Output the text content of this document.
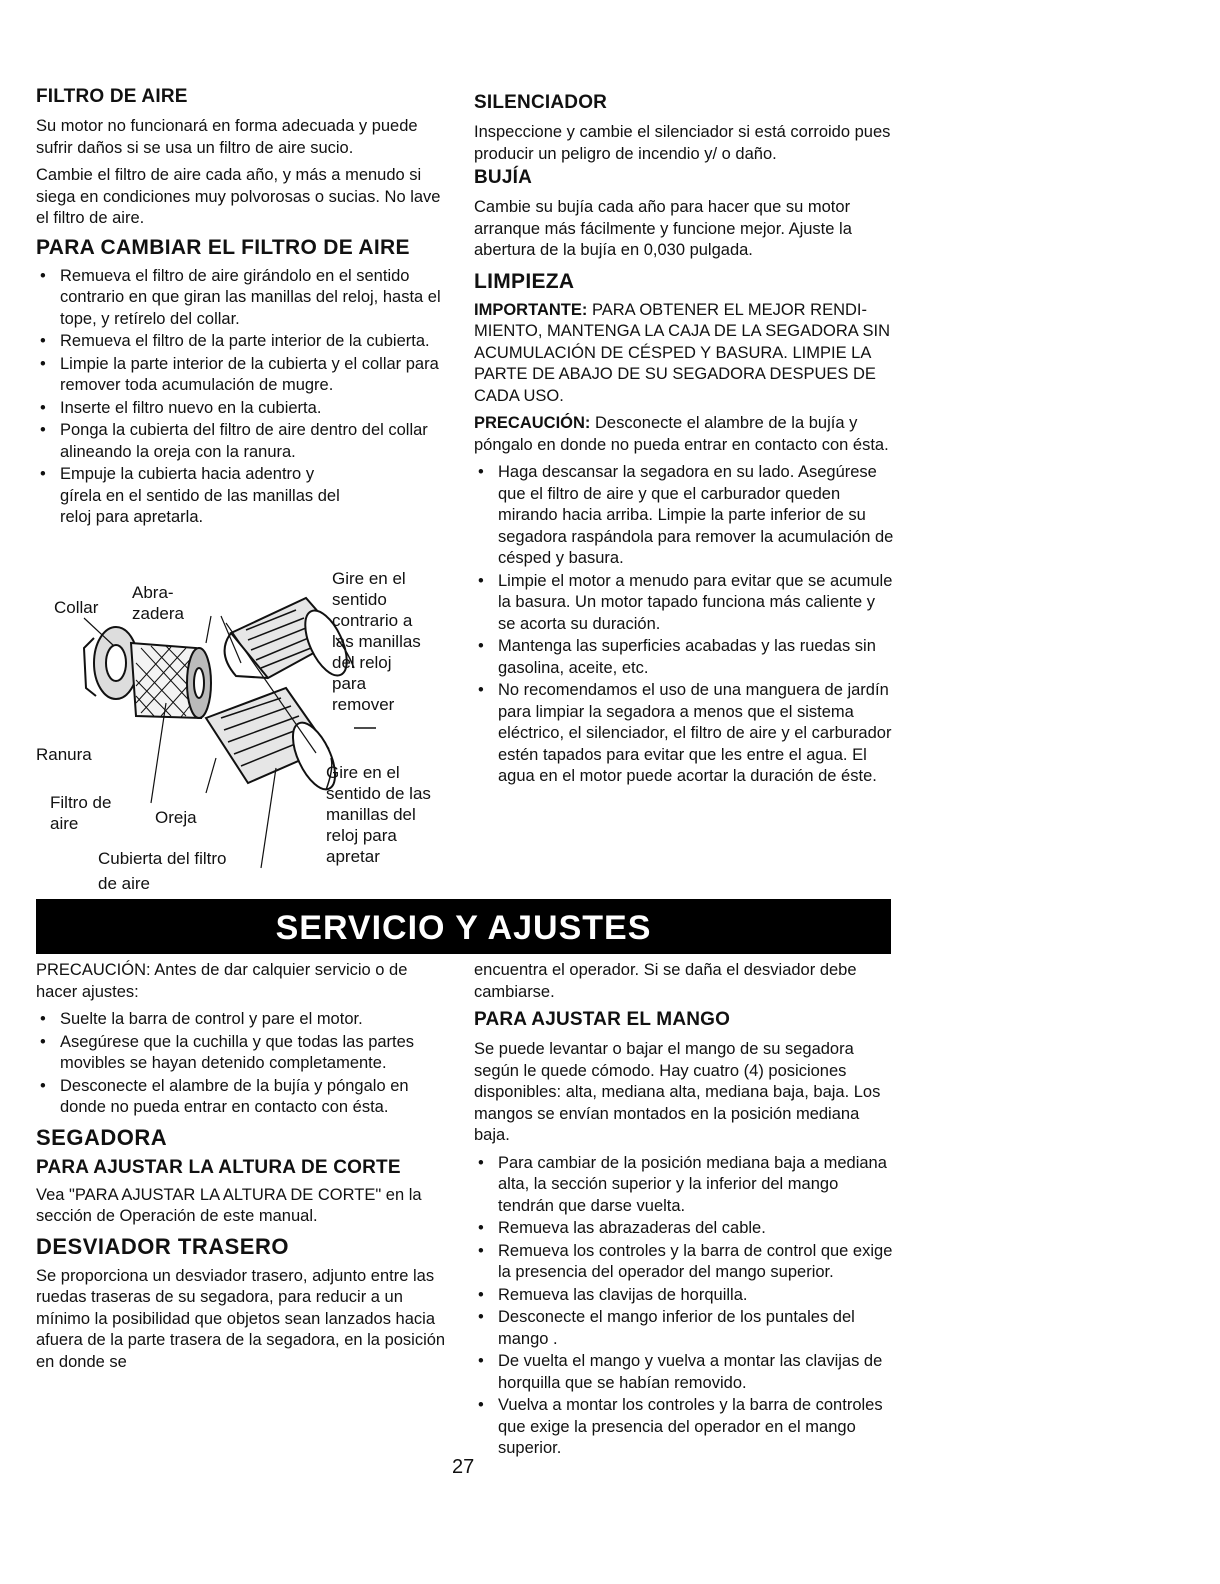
FILTRO DE AIRE

Su motor no funcionará en forma adecuada y puede sufrir daños si se usa un filtro de aire sucio.

Cambie el filtro de aire cada año, y más a menudo si siega en condiciones muy polvorosas o sucias. No lave el filtro de aire.

PARA CAMBIAR EL FILTRO DE AIRE
• Remueva el filtro de aire girándolo en el sentido contrario en que giran las manillas del reloj, hasta el tope, y retírelo del collar.
• Remueva el filtro de la parte interior de la cubierta.
• Limpie la parte interior de la cubierta y el collar para remover toda acumulación de mugre.
• Inserte el filtro nuevo en la cubierta.
• Ponga la cubierta del filtro de aire dentro del collar alineando la oreja con la ranura.
• Empuje la cubierta hacia adentro y gírela en el sentido de las manillas del reloj para apretarla.
Gire en el
sentido
contrario a
las manillas
del reloj
para
remover
Gire en el
sentido de las
manillas del
reloj para
apretar
Collar
Abra-
zadera
Ranura
Filtro de
aire	Oreja
Cubierta del filtro
de aire
SILENCIADOR

Inspeccione y cambie el silenciador si está corroido pues producir un peligro de incendio y/ o daño.

BUJÍA

Cambie su bujía cada año para hacer que su motor arranque más fácilmente y funcione mejor. Ajuste la abertura de la bujía en 0,030 pulgada.

LIMPIEZA

IMPORTANTE: PARA OBTENER EL MEJOR RENDI-MIENTO, MANTENGA LA CAJA DE LA SEGADORA SIN ACUMULACIÓN DE CÉSPED Y BASURA. LIMPIE LA PARTE DE ABAJO DE SU SEGADORA DESPUES DE CADA USO.

PRECAUCIÓN: Desconecte el alambre de la bujía y póngalo en donde no pueda entrar en contacto con ésta.

• Haga descansar la segadora en su lado. Asegúrese que el filtro de aire y que el carburador queden mirando hacia arriba. Limpie la parte inferior de su segadora raspándola para remover la acumulación de césped y basura.
• Limpie el motor a menudo para evitar que se acumule la basura. Un motor tapado funciona más caliente y se acorta su duración.
• Mantenga las superficies acabadas y las ruedas sin gasolina, aceite, etc.
• No recomendamos el uso de una manguera de jardín para limpiar la segadora a menos que el sistema eléctrico, el silenciador, el filtro de aire y el carburador estén tapados para evitar que les entre el agua. El agua en el motor puede acortar la duración de éste.
SERVICIO Y AJUSTES

PRECAUCIÓN: Antes de dar calquier servicio o de hacer ajustes:

• Suelte la barra de control y pare el motor.
• Asegúrese que la cuchilla y que todas las partes movibles se hayan detenido completamente.
• Desconecte el alambre de la bujía y póngalo en donde no pueda entrar en contacto con ésta.
SEGADORA
PARA AJUSTAR LA ALTURA DE CORTE

Vea "PARA AJUSTAR LA ALTURA DE CORTE" en la sección de Operación de este manual.

DESVIADOR TRASERO

Se proporciona un desviador trasero, adjunto entre las ruedas traseras de su segadora, para reducir a un mínimo la posibilidad que objetos sean lanzados hacia afuera de la parte trasera de la segadora, en la posición en donde se

encuentra el operador. Si se daña el desviador debe cambiarse.

PARA AJUSTAR EL MANGO

Se puede levantar o bajar el mango de su segadora según le quede cómodo. Hay cuatro (4) posiciones disponibles: alta, mediana alta, mediana baja, baja. Los mangos se envían montados en la posición mediana baja.

• Para cambiar de la posición mediana baja a mediana alta, la sección superior y la inferior del mango tendrán que darse vuelta.
• Remueva las abrazaderas del cable.
• Remueva los controles y la barra de control que exige la presencia del operador del mango superior.
• Remueva las clavijas de horquilla.
• Desconecte el mango inferior de los puntales del mango .
• De vuelta el mango y vuelva a montar las clavijas de horquilla que se habían removido.
• Vuelva a montar los controles y la barra de controles que exige la presencia del operador en el mango superior.
27
